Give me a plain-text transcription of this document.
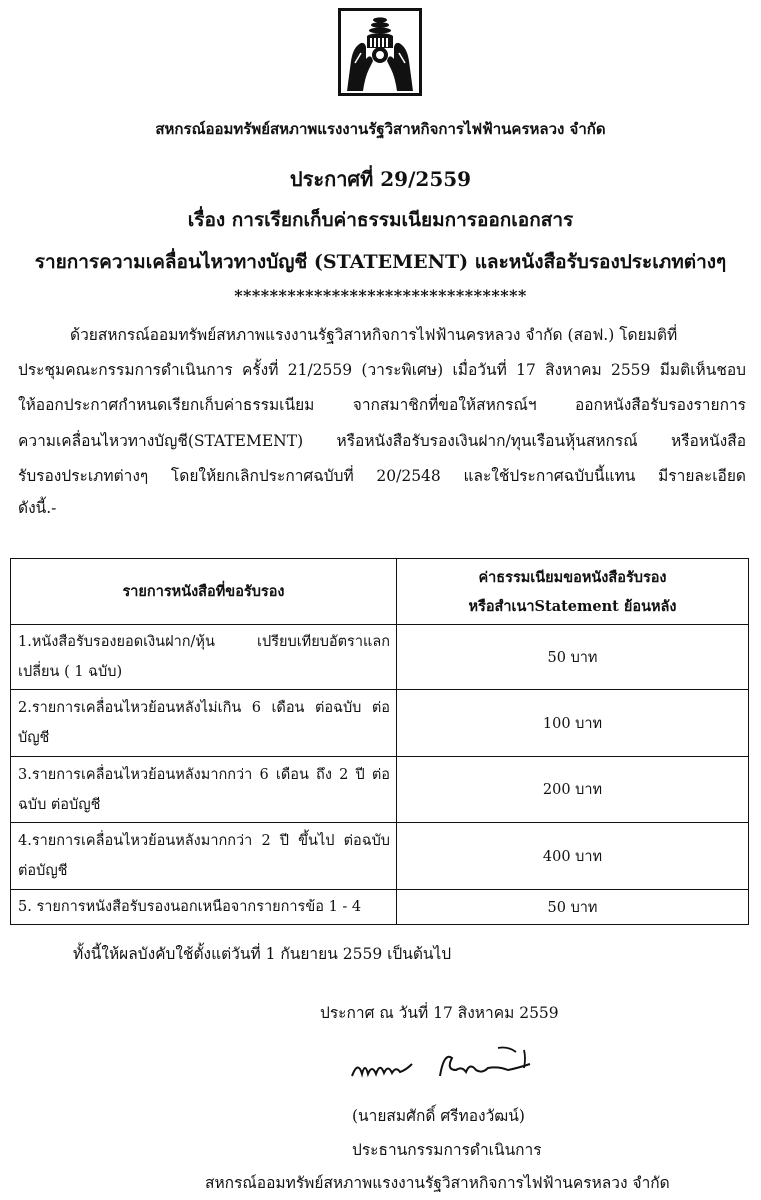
สหกรณ์ออมทรัพย์สหภาพแรงงานรัฐวิสาหกิจการไฟฟ้านครหลวง จำกัด
ประกาศที่ 29/2559
เรื่อง การเรียกเก็บค่าธรรมเนียมการออกเอกสาร
รายการความเคลื่อนไหวทางบัญชี (STATEMENT) และหนังสือรับรองประเภทต่างๆ
*********************************
ด้วยสหกรณ์ออมทรัพย์สหภาพแรงงานรัฐวิสาหกิจการไฟฟ้านครหลวง จำกัด (สอฟ.) โดยมติที่
ประชุมคณะกรรมการดำเนินการ ครั้งที่ 21/2559 (วาระพิเศษ) เมื่อวันที่ 17 สิงหาคม 2559 มีมติเห็นชอบ
ให้ออกประกาศกำหนดเรียกเก็บค่าธรรมเนียม จากสมาชิกที่ขอให้สหกรณ์ฯ ออกหนังสือรับรองรายการ
ความเคลื่อนไหวทางบัญชี(STATEMENT) หรือหนังสือรับรองเงินฝาก/ทุนเรือนหุ้นสหกรณ์ หรือหนังสือ
รับรองประเภทต่างๆ โดยให้ยกเลิกประกาศฉบับที่ 20/2548 และใช้ประกาศฉบับนี้แทน มีรายละเอียด
ดังนี้.-
รายการหนังสือที่ขอรับรอง	ค่าธรรมเนียมขอหนังสือรับรอง
หรือสำเนาStatement ย้อนหลัง

1.หนังสือรับรองยอดเงินฝาก/หุ้น เปรียบเทียบอัตราแลกเปลี่ยน ( 1 ฉบับ)	50 บาท
2.รายการเคลื่อนไหวย้อนหลังไม่เกิน 6 เดือน ต่อฉบับ ต่อบัญชี	100 บาท
3.รายการเคลื่อนไหวย้อนหลังมากกว่า 6 เดือน ถึง 2 ปี ต่อฉบับ ต่อบัญชี	200 บาท
4.รายการเคลื่อนไหวย้อนหลังมากกว่า 2 ปี ขึ้นไป ต่อฉบับ ต่อบัญชี	400 บาท
5. รายการหนังสือรับรองนอกเหนือจากรายการข้อ 1 - 4	50 บาท
ทั้งนี้ให้ผลบังคับใช้ตั้งแต่วันที่ 1 กันยายน 2559 เป็นต้นไป
ประกาศ ณ วันที่ 17 สิงหาคม 2559
(นายสมศักดิ์ ศรีทองวัฒน์)
ประธานกรรมการดำเนินการ
สหกรณ์ออมทรัพย์สหภาพแรงงานรัฐวิสาหกิจการไฟฟ้านครหลวง จำกัด
